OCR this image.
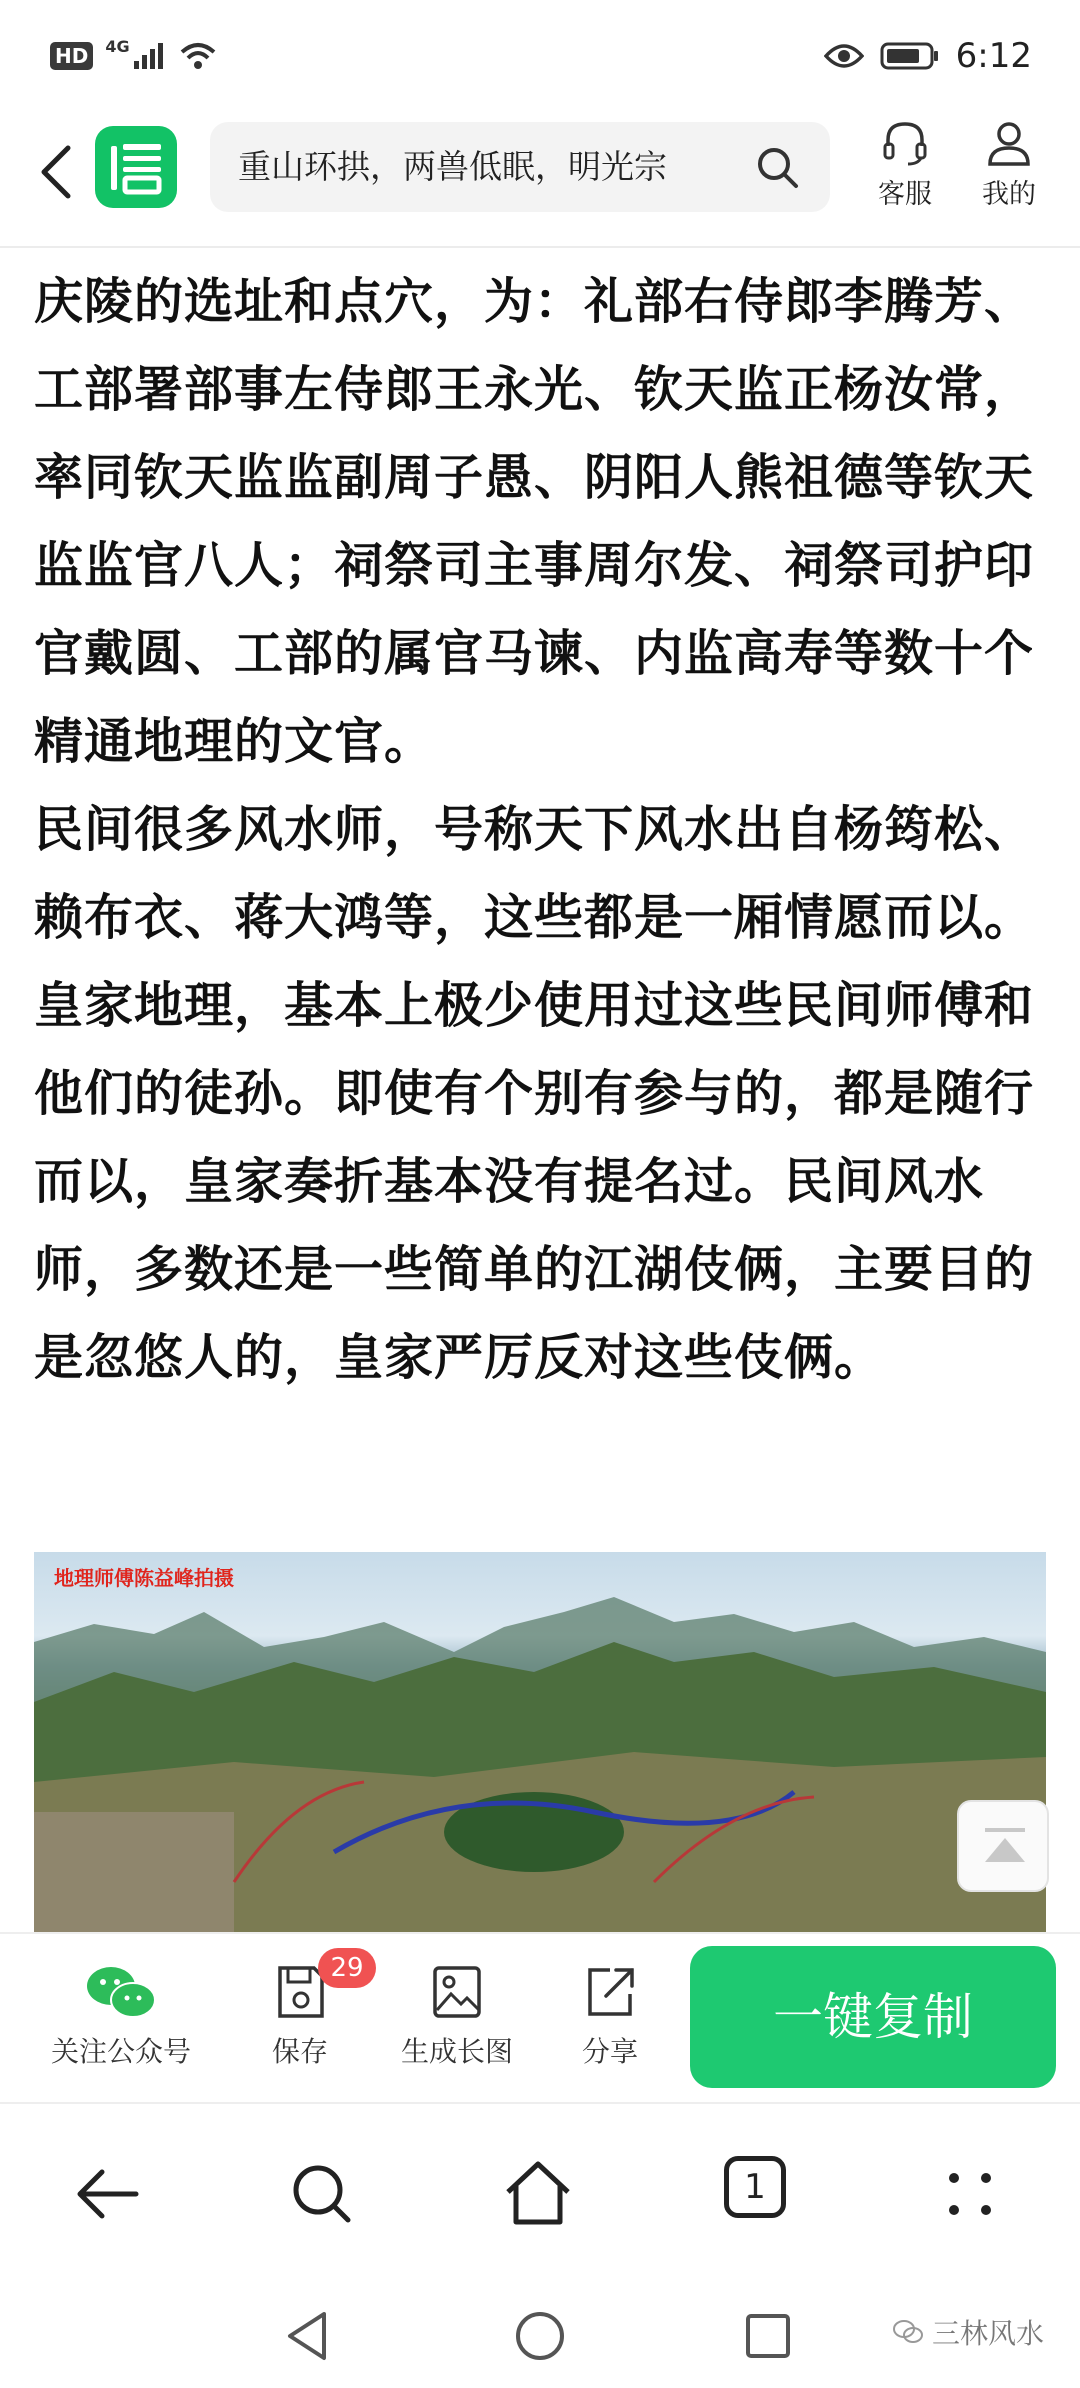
HD	4G	6:12
重山环拱，两兽低眠，明光宗
客服	我的

庆陵的选址和点穴，为：礼部右侍郎李腾芳、工部署部事左侍郎王永光、钦天监正杨汝常，率同钦天监监副周子愚、阴阳人熊祖德等钦天监监官八人；祠祭司主事周尔发、祠祭司护印官戴圆、工部的属官马谏、内监高寿等数十个精通地理的文官。

民间很多风水师，号称天下风水出自杨筠松、赖布衣、蒋大鸿等，这些都是一厢情愿而以。皇家地理，基本上极少使用过这些民间师傅和他们的徒孙。即使有个别有参与的，都是随行而以，皇家奏折基本没有提名过。民间风水师，多数还是一些简单的江湖伎俩，主要目的是忽悠人的，皇家严厉反对这些伎俩。

地理师傅陈益峰拍摄
关注公众号	保存
29
生成长图	分享
一键复制
1
三林风水
